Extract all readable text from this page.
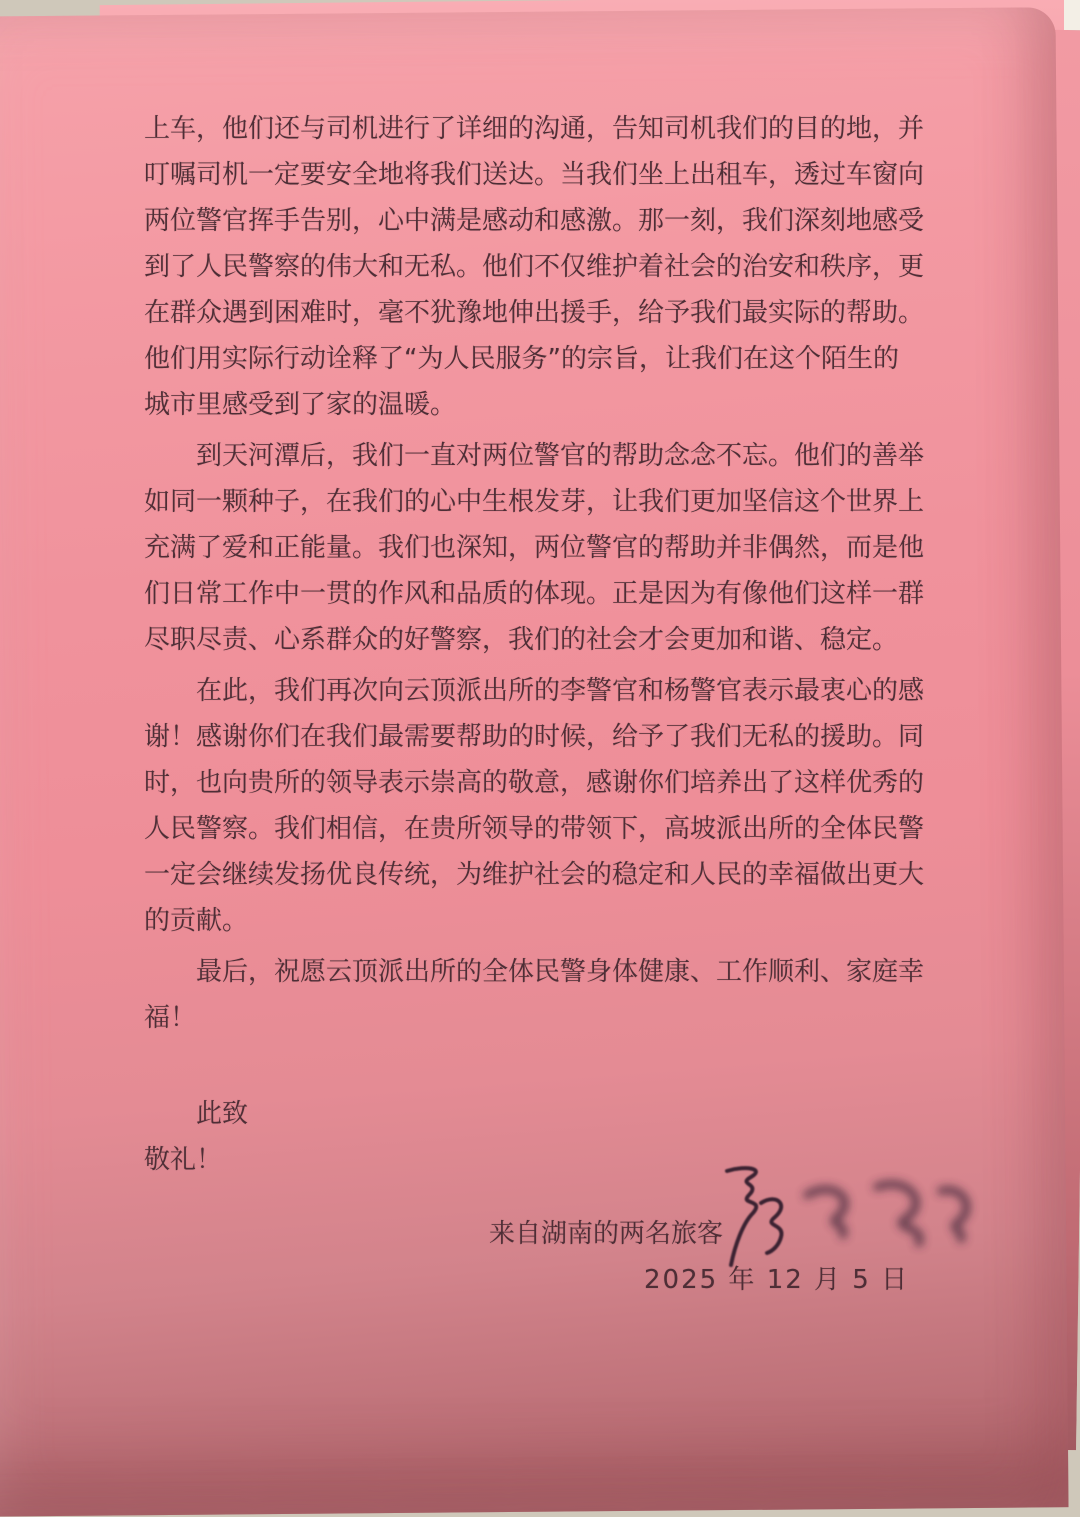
上车，他们还与司机进行了详细的沟通，告知司机我们的目的地，并
叮嘱司机一定要安全地将我们送达。当我们坐上出租车，透过车窗向
两位警官挥手告别，心中满是感动和感激。那一刻，我们深刻地感受
到了人民警察的伟大和无私。他们不仅维护着社会的治安和秩序，更
在群众遇到困难时，毫不犹豫地伸出援手，给予我们最实际的帮助。
他们用实际行动诠释了“为人民服务”的宗旨，让我们在这个陌生的
城市里感受到了家的温暖。
到天河潭后，我们一直对两位警官的帮助念念不忘。他们的善举
如同一颗种子，在我们的心中生根发芽，让我们更加坚信这个世界上
充满了爱和正能量。我们也深知，两位警官的帮助并非偶然，而是他
们日常工作中一贯的作风和品质的体现。正是因为有像他们这样一群
尽职尽责、心系群众的好警察，我们的社会才会更加和谐、稳定。
在此，我们再次向云顶派出所的李警官和杨警官表示最衷心的感
谢！感谢你们在我们最需要帮助的时候，给予了我们无私的援助。同
时，也向贵所的领导表示崇高的敬意，感谢你们培养出了这样优秀的
人民警察。我们相信，在贵所领导的带领下，高坡派出所的全体民警
一定会继续发扬优良传统，为维护社会的稳定和人民的幸福做出更大
的贡献。
最后，祝愿云顶派出所的全体民警身体健康、工作顺利、家庭幸
福！
此致
敬礼！
来自湖南的两名旅客
2025 年 12 月 5 日
